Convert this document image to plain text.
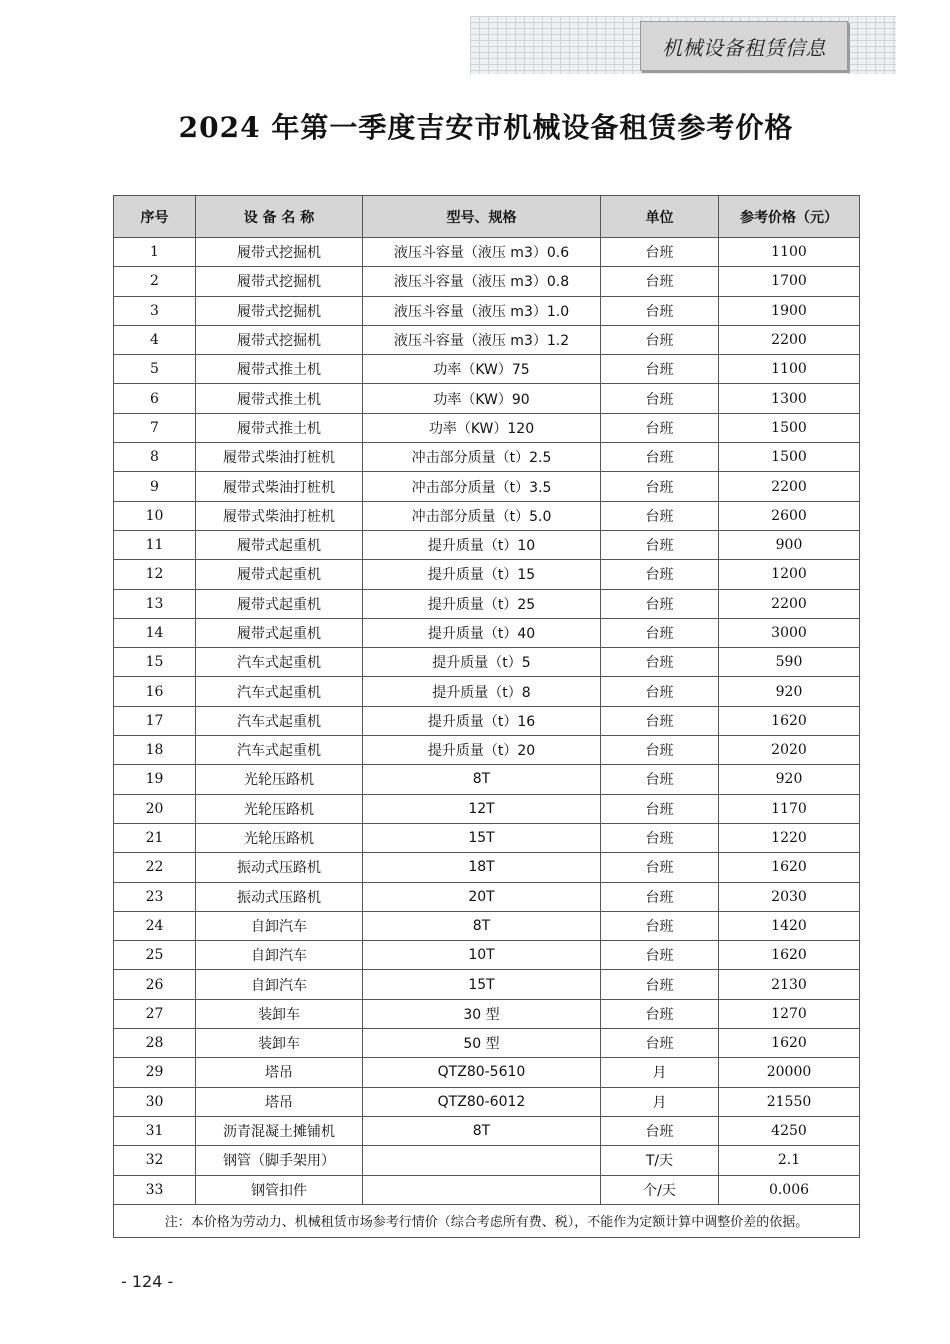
机械设备租赁信息
2024 年第一季度吉安市机械设备租赁参考价格
序号	设 备 名 称	型号、规格	单位	参考价格（元）
1	履带式挖掘机	液压斗容量（液压 m3）0.6	台班	1100
2	履带式挖掘机	液压斗容量（液压 m3）0.8	台班	1700
3	履带式挖掘机	液压斗容量（液压 m3）1.0	台班	1900
4	履带式挖掘机	液压斗容量（液压 m3）1.2	台班	2200
5	履带式推土机	功率（KW）75	台班	1100
6	履带式推土机	功率（KW）90	台班	1300
7	履带式推土机	功率（KW）120	台班	1500
8	履带式柴油打桩机	冲击部分质量（t）2.5	台班	1500
9	履带式柴油打桩机	冲击部分质量（t）3.5	台班	2200
10	履带式柴油打桩机	冲击部分质量（t）5.0	台班	2600
11	履带式起重机	提升质量（t）10	台班	900
12	履带式起重机	提升质量（t）15	台班	1200
13	履带式起重机	提升质量（t）25	台班	2200
14	履带式起重机	提升质量（t）40	台班	3000
15	汽车式起重机	提升质量（t）5	台班	590
16	汽车式起重机	提升质量（t）8	台班	920
17	汽车式起重机	提升质量（t）16	台班	1620
18	汽车式起重机	提升质量（t）20	台班	2020
19	光轮压路机	8T	台班	920
20	光轮压路机	12T	台班	1170
21	光轮压路机	15T	台班	1220
22	振动式压路机	18T	台班	1620
23	振动式压路机	20T	台班	2030
24	自卸汽车	8T	台班	1420
25	自卸汽车	10T	台班	1620
26	自卸汽车	15T	台班	2130
27	装卸车	30 型	台班	1270
28	装卸车	50 型	台班	1620
29	塔吊	QTZ80-5610	月	20000
30	塔吊	QTZ80-6012	月	21550
31	沥青混凝土摊铺机	8T	台班	4250
32	钢管（脚手架用）		T/天	2.1
33	钢管扣件		个/天	0.006
注：本价格为劳动力、机械租赁市场参考行情价（综合考虑所有费、税），不能作为定额计算中调整价差的依据。				
- 124 -
